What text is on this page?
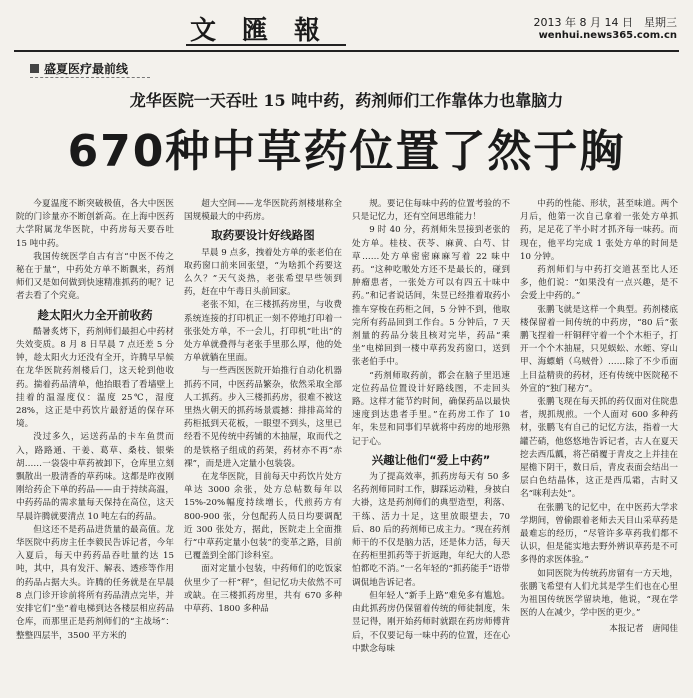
文匯報	2013 年 8 月 14 日　星期三
wenhui.news365.com.cn
盛夏医疗最前线
龙华医院一天吞吐 15 吨中药，药剂师们工作靠体力也靠脑力
670种中草药位置了然于胸

今夏温度不断突破极值，各大中医医院的门诊量亦不断创新高。在上海中医药大学附属龙华医院，中药房每天要吞吐 15 吨中药。

我国传统医学自古有言“中医不传之秘在于量”，中药处方单不断飘来，药剂师们又是如何做到快速精准抓药的呢？记者去看了个究竟。

趁太阳火力全开前收药

酷暑炙烤下，药剂师们最担心中药材失效变质。8 月 8 日早晨 7 点还差 5 分钟，趁太阳火力还没有全开，许腾早早候在龙华医院药剂楼后门，这天轮到他收药。揣着药品清单，他抬眼看了看墙壁上挂着的温湿度仪：温度 25℃，湿度 28%，这正是中药饮片最舒适的保存环境。

没过多久，运送药品的卡车鱼贯而入，路路通、干姜、葛草、桑枝、银柴胡……一袋袋中草药被卸下，仓库里立刻飘散出一股清香的草药味。这都是昨夜刚刚给药企下单的药品——由于持续高温，中药药品的需求量每天保持在高位，这天早晨许腾就要清点 10 吨左右的药品。

但这还不是药品进货量的最高值。龙华医院中药房主任李毅民告诉记者，今年入夏后，每天中药药品吞吐量约达 15 吨，其中，具有发汗、解表、透疹等作用的药品占据大头。许腾的任务就是在早晨 8 点门诊开诊前将所有药品清点完毕，并安排它们“坐”着电梯到达各楼层相应药品仓库，而那里正是药剂师们的“主战场”：整整四层半，3500 平方米的

超大空间——龙华医院药剂楼堪称全国规模最大的中药房。

取药要设计好线路图

早晨 9 点多，拽着处方单的张老伯在取药窗口前来回张望，“为啥抓个药要这么久？”天气炎热，老张希望早些领到药，赶在中午毒日头前回家。

老张不知，在三楼抓药房里，与收费系统连接的打印机正一刻不停地打印着一张张处方单，不一会儿，打印机“吐出”的处方单就叠得与老张手里那么厚，他的处方单就躺在里面。

与一些西医医院开始推行自动化机器抓药不同，中医药品繁杂，依然采取全部人工抓药。步入三楼抓药房，很难不被这里热火朝天的抓药场景震撼：排排高耸的药柜抵到天花板，一眼望不到头，这里已经看不见传统中药铺的木抽屉，取而代之的是铁格子组成的药架，药材亦不再“赤裸”，而是进入定量小包装袋。

在龙华医院，目前每天中药饮片处方单达 3000 余张，处方总帖数每年以 15%-20%幅度持续增长，代煎药方有 800-900 张，分包配药人员日均要调配近 300 张处方，据此，医院走上全面推行“中草药定量小包装”的变革之路，目前已覆盖到全部门诊科室。

面对定量小包装，中药师们的吃饭家伙里少了一杆“秤”，但记忆功夫依然不可或缺。在三楼抓药房里，共有 670 多种中草药、1800 多种品

规。要记住每味中药的位置考验的不只是记忆力，还有空间思维能力！

9 时 40 分，药剂师朱昱接到老张的处方单。桂枝、茯苓、麻黄、白芍、甘草……处方单密密麻麻写着 22 味中药。“这种吃嗷处方还不是最长的，碰到肿瘤患者，一张处方可以有四五十味中药。”和记者说话间，朱昱已经推着取药小推车穿梭在药柜之间，5 分钟不到，他取完所有药品回到工作台。5 分钟后，7 天剂量的药品分装且核对完毕，药品“乘坐”电梯回到一楼中草药发药窗口，送到张老伯手中。

“药剂师取药前，都会在脑子里迅速定位药品位置设计好路线图，不走回头路。这样才能节约时间，确保药品以最快速度到达患者手里。”在药房工作了 10 年，朱昱和同事们早就将中药房的地形熟记于心。

兴趣让他们“爱上中药”

为了提高效率，抓药房每天有 50 多名药剂师同时工作，脚踩运动鞋，身披白大褂，这是药剂师们的典型造型，利落、干练、活力十足，这里放眼望去，70 后、80 后的药剂师已成主力。“现在药剂师干的不仅是脑力活，还是体力活，每天在药柜里抓药等于折返跑，年纪大的人恐怕都吃不消。”一名年轻的“抓药能手”语带调侃地告诉记者。

但年轻人“新手上路”难免多有尴尬。由此抓药房仍保留着传统的师徒制度，朱昱记得，刚开始药师时就跟在药房师傅背后，不仅要记每一味中药的位置，还在心中默念每味

中药的性能、形状，甚至味道。两个月后，他第一次自己拿着一张处方单抓药，足足花了半小时才抓齐每一味药。而现在，他平均完成 1 张处方单的时间是 10 分钟。

药剂师们与中药打交道甚至比人还多，他们说：“如果没有一点兴趣，是不会爱上中药的。”

张鹏飞就是这样一个典型。药剂楼底楼保留着一间传统的中药房，“80 后”张鹏飞捏着一杆铜秤守着一个个木柜子，打开一个个木抽屉，只见蜈蚣、水蛭、穿山甲、海螵蛸（乌贼骨）……除了不少币面上目益精贵的药材，还有传统中医院秘不外宣的“独门秘方”。

张鹏飞现在每天抓的药仅面对住院患者，规抓规煎。一个人面对 600 多种药材，张鹏飞有自己的记忆方法，指着一大罐芒硝，他悠悠地告诉记者，古人在夏天挖去西瓜瓤，将芒硝覆于青皮之上并挂在屋檐下阴干，数日后，青皮表面会结出一层白色结晶体，这正是西瓜霜，古时又名“咪利去处”。

在张鹏飞的记忆中，在中医药大学求学期间，曾偷跟着老师去天目山采草药是最难忘的经历，“尽管许多草药我们都不认识，但是能实地去野外辨识草药是不可多得的求医体验。”

如同医院为传统药房留有一方天地，张鹏飞希望有人们尤其是学生们也在心里为祖国传统医学留块地，他说，“现在学医的人在减少，学中医的更少。”

本报记者　唐闻佳
